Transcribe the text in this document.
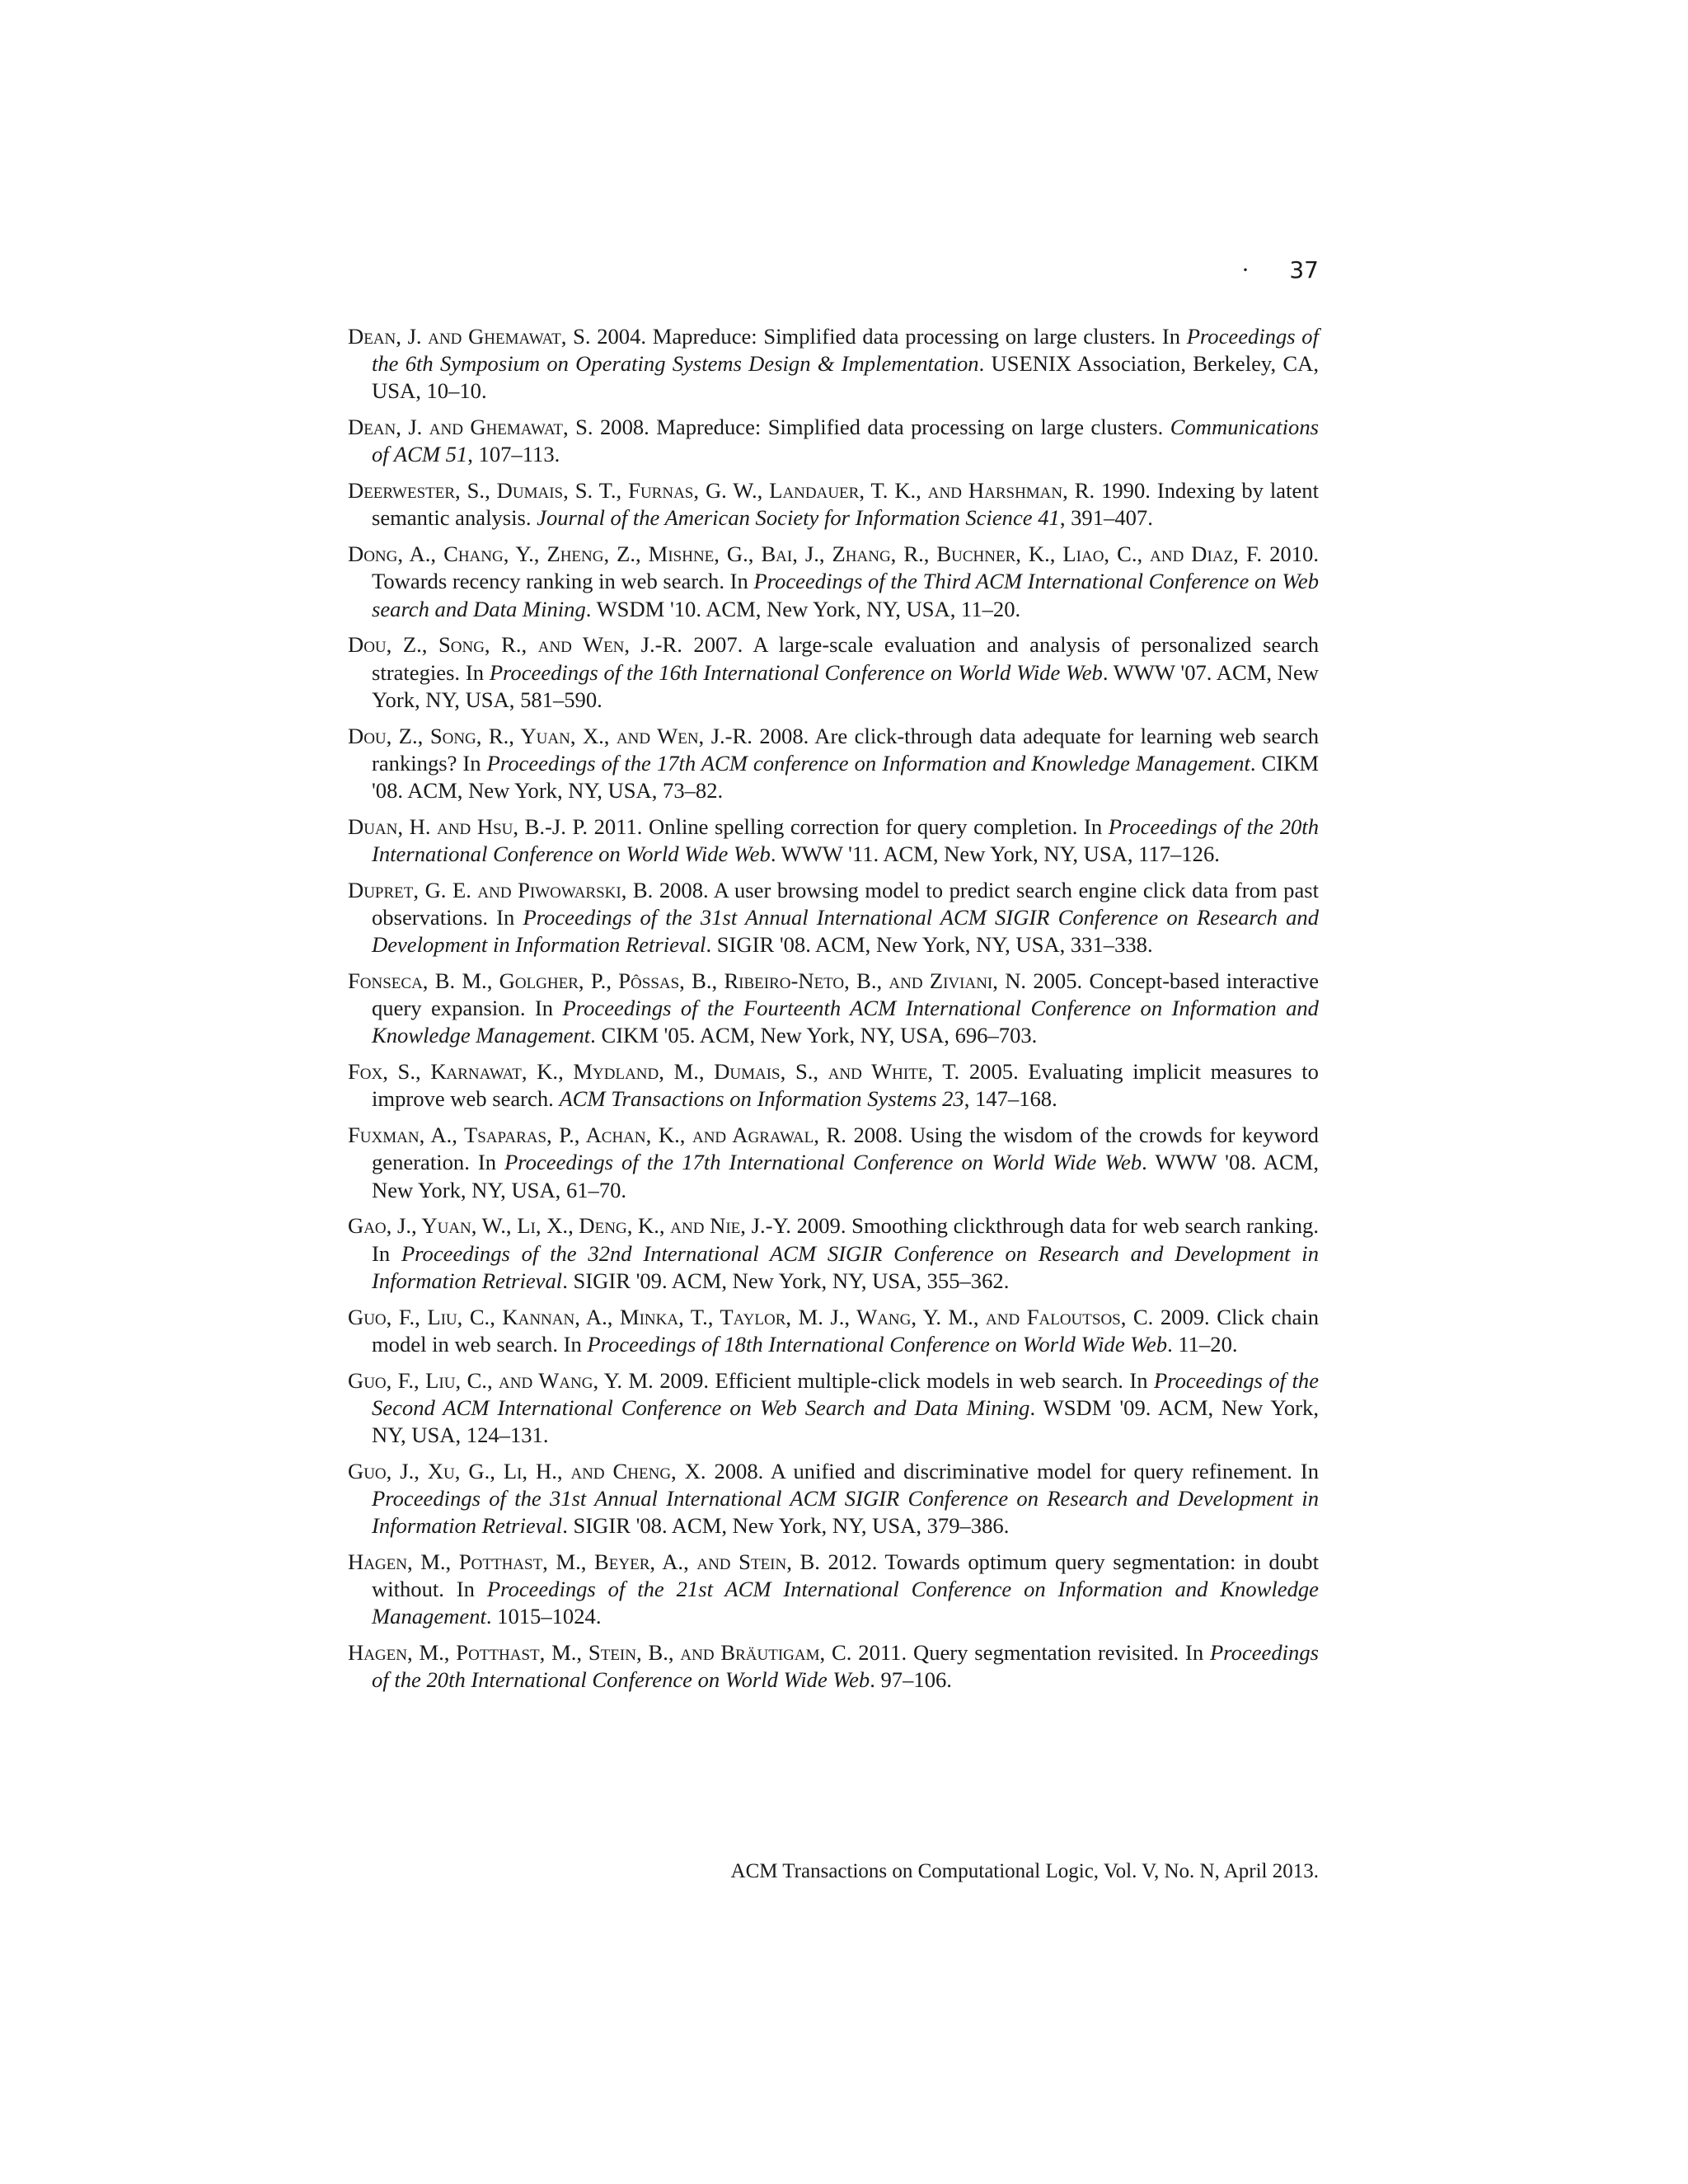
· 37

Dean, J. and Ghemawat, S. 2004. Mapreduce: Simplified data processing on large clusters. In Proceedings of the 6th Symposium on Operating Systems Design & Implementation. USENIX Association, Berkeley, CA, USA, 10–10.

Dean, J. and Ghemawat, S. 2008. Mapreduce: Simplified data processing on large clusters. Communications of ACM 51, 107–113.

Deerwester, S., Dumais, S. T., Furnas, G. W., Landauer, T. K., and Harshman, R. 1990. Indexing by latent semantic analysis. Journal of the American Society for Information Science 41, 391–407.

Dong, A., Chang, Y., Zheng, Z., Mishne, G., Bai, J., Zhang, R., Buchner, K., Liao, C., and Diaz, F. 2010. Towards recency ranking in web search. In Proceedings of the Third ACM International Conference on Web search and Data Mining. WSDM '10. ACM, New York, NY, USA, 11–20.

Dou, Z., Song, R., and Wen, J.-R. 2007. A large-scale evaluation and analysis of personalized search strategies. In Proceedings of the 16th International Conference on World Wide Web. WWW '07. ACM, New York, NY, USA, 581–590.

Dou, Z., Song, R., Yuan, X., and Wen, J.-R. 2008. Are click-through data adequate for learning web search rankings? In Proceedings of the 17th ACM conference on Information and Knowledge Management. CIKM '08. ACM, New York, NY, USA, 73–82.

Duan, H. and Hsu, B.-J. P. 2011. Online spelling correction for query completion. In Proceedings of the 20th International Conference on World Wide Web. WWW '11. ACM, New York, NY, USA, 117–126.

Dupret, G. E. and Piwowarski, B. 2008. A user browsing model to predict search engine click data from past observations. In Proceedings of the 31st Annual International ACM SIGIR Conference on Research and Development in Information Retrieval. SIGIR '08. ACM, New York, NY, USA, 331–338.

Fonseca, B. M., Golgher, P., Pôssas, B., Ribeiro-Neto, B., and Ziviani, N. 2005. Concept-based interactive query expansion. In Proceedings of the Fourteenth ACM International Conference on Information and Knowledge Management. CIKM '05. ACM, New York, NY, USA, 696–703.

Fox, S., Karnawat, K., Mydland, M., Dumais, S., and White, T. 2005. Evaluating implicit measures to improve web search. ACM Transactions on Information Systems 23, 147–168.

Fuxman, A., Tsaparas, P., Achan, K., and Agrawal, R. 2008. Using the wisdom of the crowds for keyword generation. In Proceedings of the 17th International Conference on World Wide Web. WWW '08. ACM, New York, NY, USA, 61–70.

Gao, J., Yuan, W., Li, X., Deng, K., and Nie, J.-Y. 2009. Smoothing clickthrough data for web search ranking. In Proceedings of the 32nd International ACM SIGIR Conference on Research and Development in Information Retrieval. SIGIR '09. ACM, New York, NY, USA, 355–362.

Guo, F., Liu, C., Kannan, A., Minka, T., Taylor, M. J., Wang, Y. M., and Faloutsos, C. 2009. Click chain model in web search. In Proceedings of 18th International Conference on World Wide Web. 11–20.

Guo, F., Liu, C., and Wang, Y. M. 2009. Efficient multiple-click models in web search. In Proceedings of the Second ACM International Conference on Web Search and Data Mining. WSDM '09. ACM, New York, NY, USA, 124–131.

Guo, J., Xu, G., Li, H., and Cheng, X. 2008. A unified and discriminative model for query refinement. In Proceedings of the 31st Annual International ACM SIGIR Conference on Research and Development in Information Retrieval. SIGIR '08. ACM, New York, NY, USA, 379–386.

Hagen, M., Potthast, M., Beyer, A., and Stein, B. 2012. Towards optimum query segmentation: in doubt without. In Proceedings of the 21st ACM International Conference on Information and Knowledge Management. 1015–1024.

Hagen, M., Potthast, M., Stein, B., and Bräutigam, C. 2011. Query segmentation revisited. In Proceedings of the 20th International Conference on World Wide Web. 97–106.

ACM Transactions on Computational Logic, Vol. V, No. N, April 2013.
